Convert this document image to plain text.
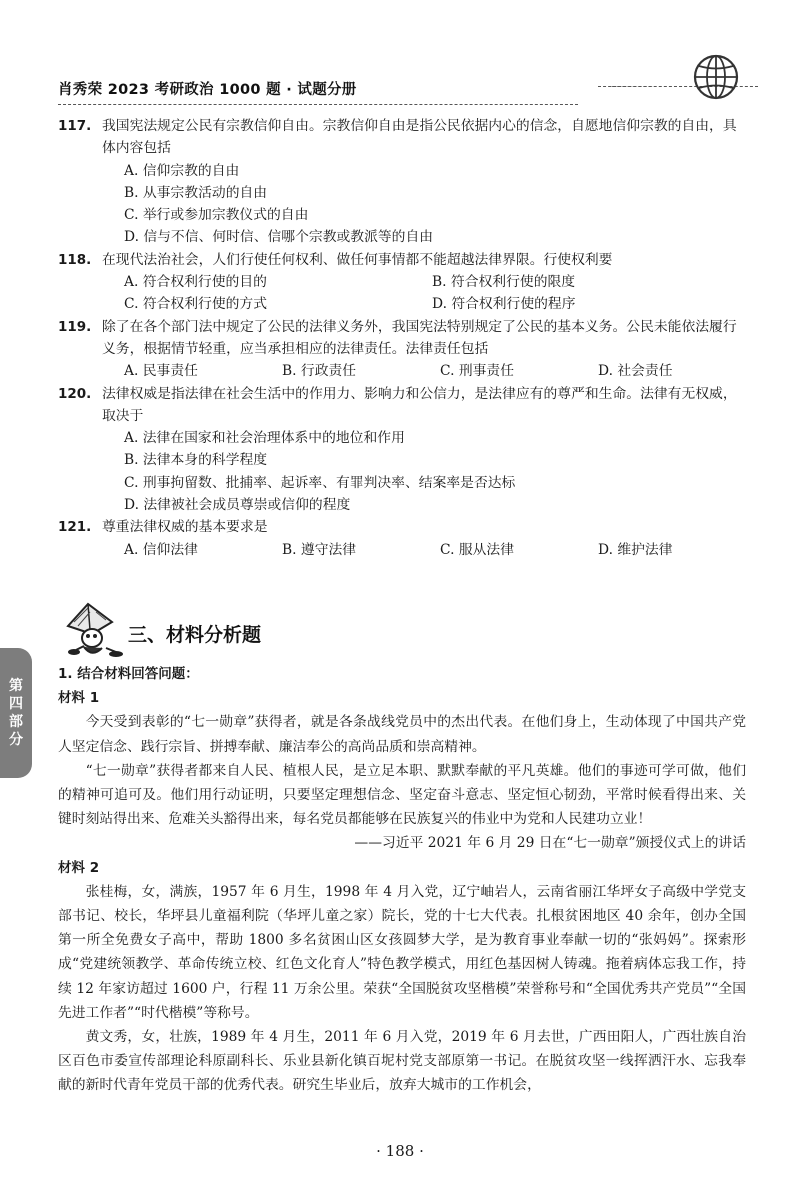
肖秀荣 2023 考研政治 1000 题 · 试题分册
117. 我国宪法规定公民有宗教信仰自由。宗教信仰自由是指公民依据内心的信念，自愿地信仰宗教的自由，具体内容包括
A. 信仰宗教的自由
B. 从事宗教活动的自由
C. 举行或参加宗教仪式的自由
D. 信与不信、何时信、信哪个宗教或教派等的自由
118. 在现代法治社会，人们行使任何权利、做任何事情都不能超越法律界限。行使权利要
A. 符合权利行使的目的	B. 符合权利行使的限度
C. 符合权利行使的方式	D. 符合权利行使的程序
119. 除了在各个部门法中规定了公民的法律义务外，我国宪法特别规定了公民的基本义务。公民未能依法履行义务，根据情节轻重，应当承担相应的法律责任。法律责任包括
A. 民事责任	B. 行政责任	C. 刑事责任	D. 社会责任
120. 法律权威是指法律在社会生活中的作用力、影响力和公信力，是法律应有的尊严和生命。法律有无权威，取决于
A. 法律在国家和社会治理体系中的地位和作用
B. 法律本身的科学程度
C. 刑事拘留数、批捕率、起诉率、有罪判决率、结案率是否达标
D. 法律被社会成员尊崇或信仰的程度
121. 尊重法律权威的基本要求是
A. 信仰法律	B. 遵守法律	C. 服从法律	D. 维护法律
三、材料分析题
第四部分
1. 结合材料回答问题：
材料 1

今天受到表彰的“七一勋章”获得者，就是各条战线党员中的杰出代表。在他们身上，生动体现了中国共产党人坚定信念、践行宗旨、拼搏奉献、廉洁奉公的高尚品质和崇高精神。

“七一勋章”获得者都来自人民、植根人民，是立足本职、默默奉献的平凡英雄。他们的事迹可学可做，他们的精神可追可及。他们用行动证明，只要坚定理想信念、坚定奋斗意志、坚定恒心韧劲，平常时候看得出来、关键时刻站得出来、危难关头豁得出来，每名党员都能够在民族复兴的伟业中为党和人民建功立业！

——习近平 2021 年 6 月 29 日在“七一勋章”颁授仪式上的讲话

材料 2

张桂梅，女，满族，1957 年 6 月生，1998 年 4 月入党，辽宁岫岩人，云南省丽江华坪女子高级中学党支部书记、校长，华坪县儿童福利院（华坪儿童之家）院长，党的十七大代表。扎根贫困地区 40 余年，创办全国第一所全免费女子高中，帮助 1800 多名贫困山区女孩圆梦大学，是为教育事业奉献一切的“张妈妈”。探索形成“党建统领教学、革命传统立校、红色文化育人”特色教学模式，用红色基因树人铸魂。拖着病体忘我工作，持续 12 年家访超过 1600 户，行程 11 万余公里。荣获“全国脱贫攻坚楷模”荣誉称号和“全国优秀共产党员”“全国先进工作者”“时代楷模”等称号。

黄文秀，女，壮族，1989 年 4 月生，2011 年 6 月入党，2019 年 6 月去世，广西田阳人，广西壮族自治区百色市委宣传部理论科原副科长、乐业县新化镇百坭村党支部原第一书记。在脱贫攻坚一线挥洒汗水、忘我奉献的新时代青年党员干部的优秀代表。研究生毕业后，放弃大城市的工作机会，

· 188 ·
